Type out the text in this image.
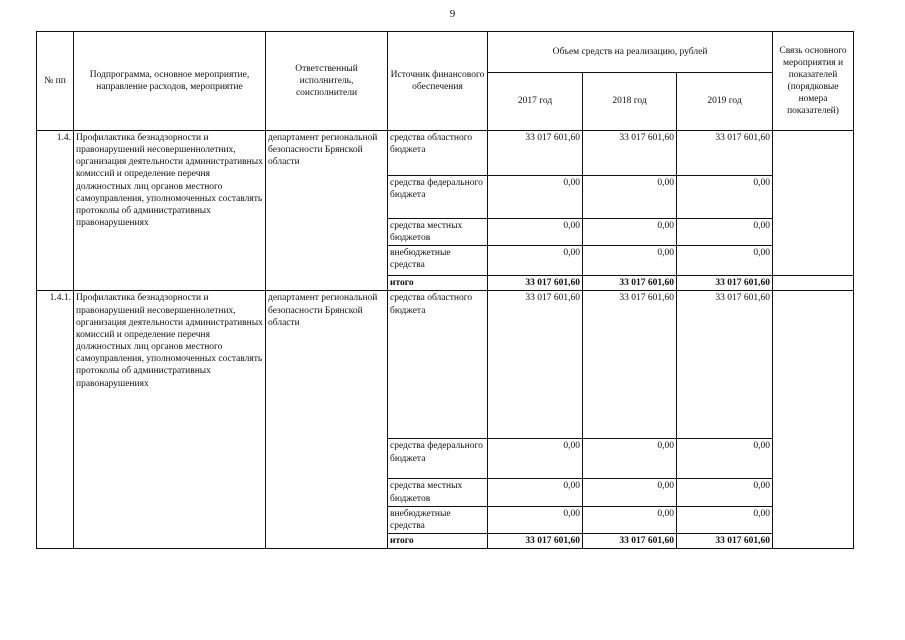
9
№ пп	Подпрограмма, основное мероприятие, направление расходов, мероприятие	Ответственный исполнитель, соисполнители	Источник финансового обеспечения	Объем средств на реализацию, рублей			Связь основного мероприятия и показателей (порядковые номера показателей)
				2017 год	2018 год	2019 год	
1.4.	Профилактика безнадзорности и правонарушений несовершеннолетних, организация деятельности административных комиссий и определение перечня должностных лиц органов местного самоуправления, уполномоченных составлять протоколы об административных правонарушениях	департамент региональной безопасности Брянской области	средства областного бюджета	33 017 601,60	33 017 601,60	33 017 601,60	
			средства федерального бюджета	0,00	0,00	0,00	
			средства местных бюджетов	0,00	0,00	0,00	
			внебюджетные средства	0,00	0,00	0,00	
			итого	33 017 601,60	33 017 601,60	33 017 601,60	
1.4.1.	Профилактика безнадзорности и правонарушений несовершеннолетних, организация деятельности административных комиссий и определение перечня должностных лиц органов местного самоуправления, уполномоченных составлять протоколы об административных правонарушениях	департамент региональной безопасности Брянской области	средства областного бюджета	33 017 601,60	33 017 601,60	33 017 601,60	
			средства федерального бюджета	0,00	0,00	0,00	
			средства местных бюджетов	0,00	0,00	0,00	
			внебюджетные средства	0,00	0,00	0,00	
			итого	33 017 601,60	33 017 601,60	33 017 601,60	
